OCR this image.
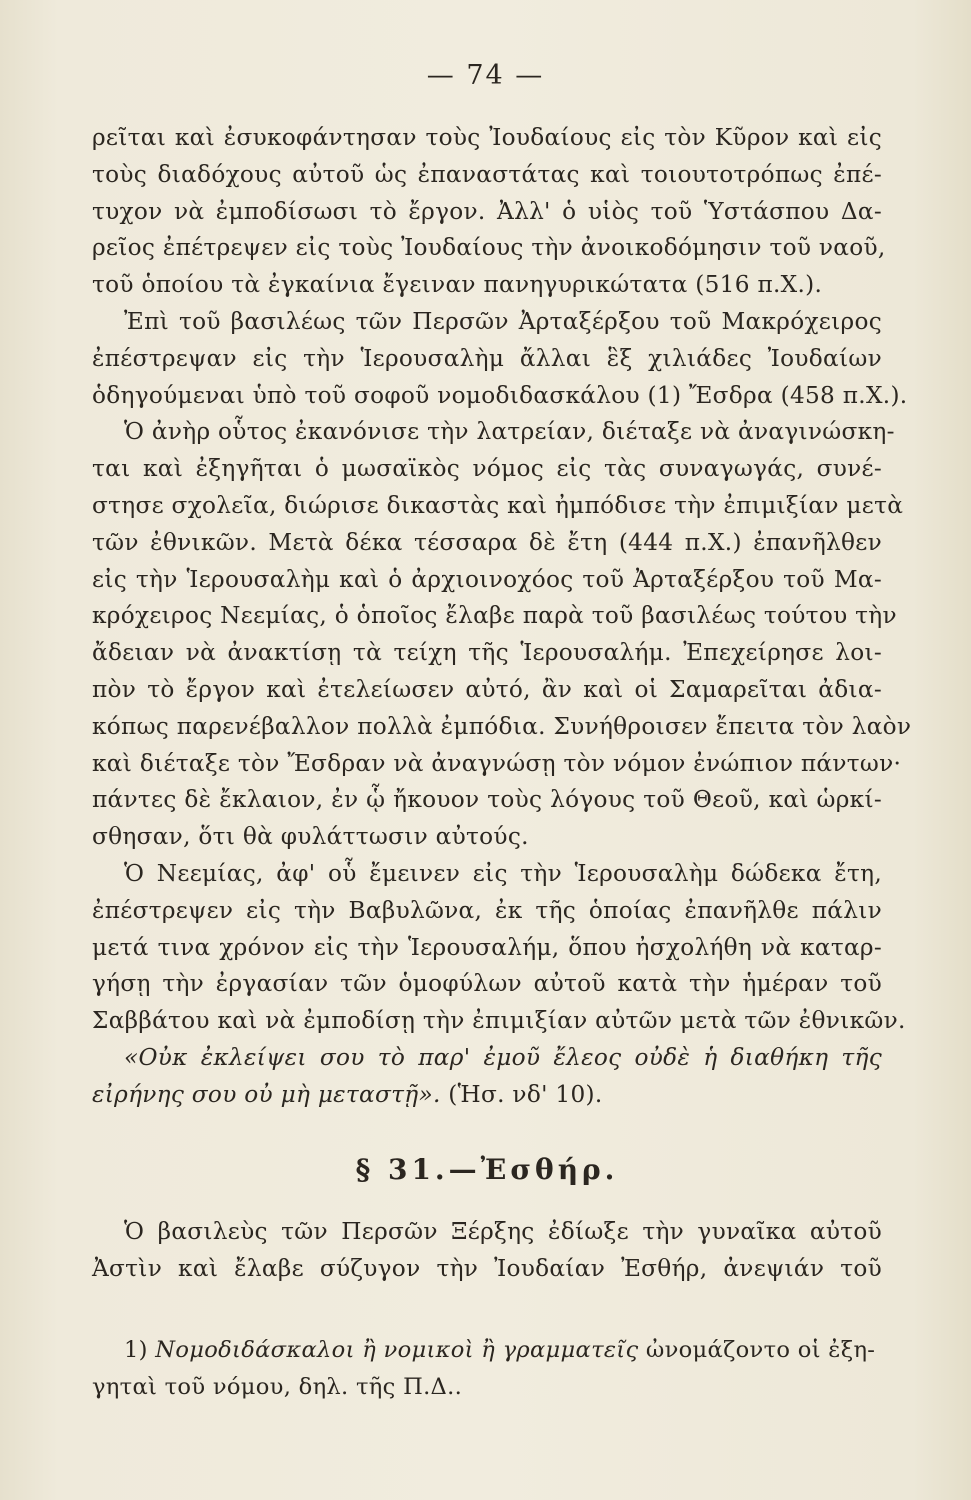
— 74 —
ρεῖται καὶ ἐσυκοφάντησαν τοὺς Ἰουδαίους εἰς τὸν Κῦρον καὶ εἰς
τοὺς διαδόχους αὐτοῦ ὡς ἐπαναστάτας καὶ τοιουτοτρόπως ἐπέ-
τυχον νὰ ἐμποδίσωσι τὸ ἔργον. Ἀλλ' ὁ υἱὸς τοῦ Ὑστάσπου Δα-
ρεῖος ἐπέτρεψεν εἰς τοὺς Ἰουδαίους τὴν ἀνοικοδόμησιν τοῦ ναοῦ,
τοῦ ὁποίου τὰ ἐγκαίνια ἔγειναν πανηγυρικώτατα (516 π.Χ.).
Ἐπὶ τοῦ βασιλέως τῶν Περσῶν Ἀρταξέρξου τοῦ Μακρόχειρος
ἐπέστρεψαν εἰς τὴν Ἱερουσαλὴμ ἄλλαι ἓξ χιλιάδες Ἰουδαίων
ὁδηγούμεναι ὑπὸ τοῦ σοφοῦ νομοδιδασκάλου (1) Ἔσδρα (458 π.Χ.).
Ὁ ἀνὴρ οὗτος ἐκανόνισε τὴν λατρείαν, διέταξε νὰ ἀναγινώσκη-
ται καὶ ἐξηγῆται ὁ μωσαϊκὸς νόμος εἰς τὰς συναγωγάς, συνέ-
στησε σχολεῖα, διώρισε δικαστὰς καὶ ἠμπόδισε τὴν ἐπιμιξίαν μετὰ
τῶν ἐθνικῶν. Μετὰ δέκα τέσσαρα δὲ ἔτη (444 π.Χ.) ἐπανῆλθεν
εἰς τὴν Ἱερουσαλὴμ καὶ ὁ ἀρχιοινοχόος τοῦ Ἀρταξέρξου τοῦ Μα-
κρόχειρος Νεεμίας, ὁ ὁποῖος ἔλαβε παρὰ τοῦ βασιλέως τούτου τὴν
ἄδειαν νὰ ἀνακτίσῃ τὰ τείχη τῆς Ἱερουσαλήμ. Ἐπεχείρησε λοι-
πὸν τὸ ἔργον καὶ ἐτελείωσεν αὐτό, ἂν καὶ οἱ Σαμαρεῖται ἀδια-
κόπως παρενέβαλλον πολλὰ ἐμπόδια. Συνήθροισεν ἔπειτα τὸν λαὸν
καὶ διέταξε τὸν Ἔσδραν νὰ ἀναγνώσῃ τὸν νόμον ἐνώπιον πάντων·
πάντες δὲ ἔκλαιον, ἐν ᾧ ἤκουον τοὺς λόγους τοῦ Θεοῦ, καὶ ὡρκί-
σθησαν, ὅτι θὰ φυλάττωσιν αὐτούς.
Ὁ Νεεμίας, ἀφ' οὗ ἔμεινεν εἰς τὴν Ἱερουσαλὴμ δώδεκα ἔτη,
ἐπέστρεψεν εἰς τὴν Βαβυλῶνα, ἐκ τῆς ὁποίας ἐπανῆλθε πάλιν
μετά τινα χρόνον εἰς τὴν Ἱερουσαλήμ, ὅπου ἠσχολήθη νὰ καταρ-
γήσῃ τὴν ἐργασίαν τῶν ὁμοφύλων αὐτοῦ κατὰ τὴν ἡμέραν τοῦ
Σαββάτου καὶ νὰ ἐμποδίσῃ τὴν ἐπιμιξίαν αὐτῶν μετὰ τῶν ἐθνικῶν.
«Οὐκ ἐκλείψει σου τὸ παρ' ἐμοῦ ἔλεος οὐδὲ ἡ διαθήκη τῆς
εἰρήνης σου οὐ μὴ μεταστῇ». (Ἡσ. νδ' 10).
§ 31.—Ἐσθήρ.
Ὁ βασιλεὺς τῶν Περσῶν Ξέρξης ἐδίωξε τὴν γυναῖκα αὐτοῦ
Ἀστὶν καὶ ἔλαβε σύζυγον τὴν Ἰουδαίαν Ἐσθήρ, ἀνεψιάν τοῦ
1) Νομοδιδάσκαλοι ἢ νομικοὶ ἢ γραμματεῖς ὠνομάζοντο οἱ ἐξη-
γηταὶ τοῦ νόμου, δηλ. τῆς Π.Δ..
